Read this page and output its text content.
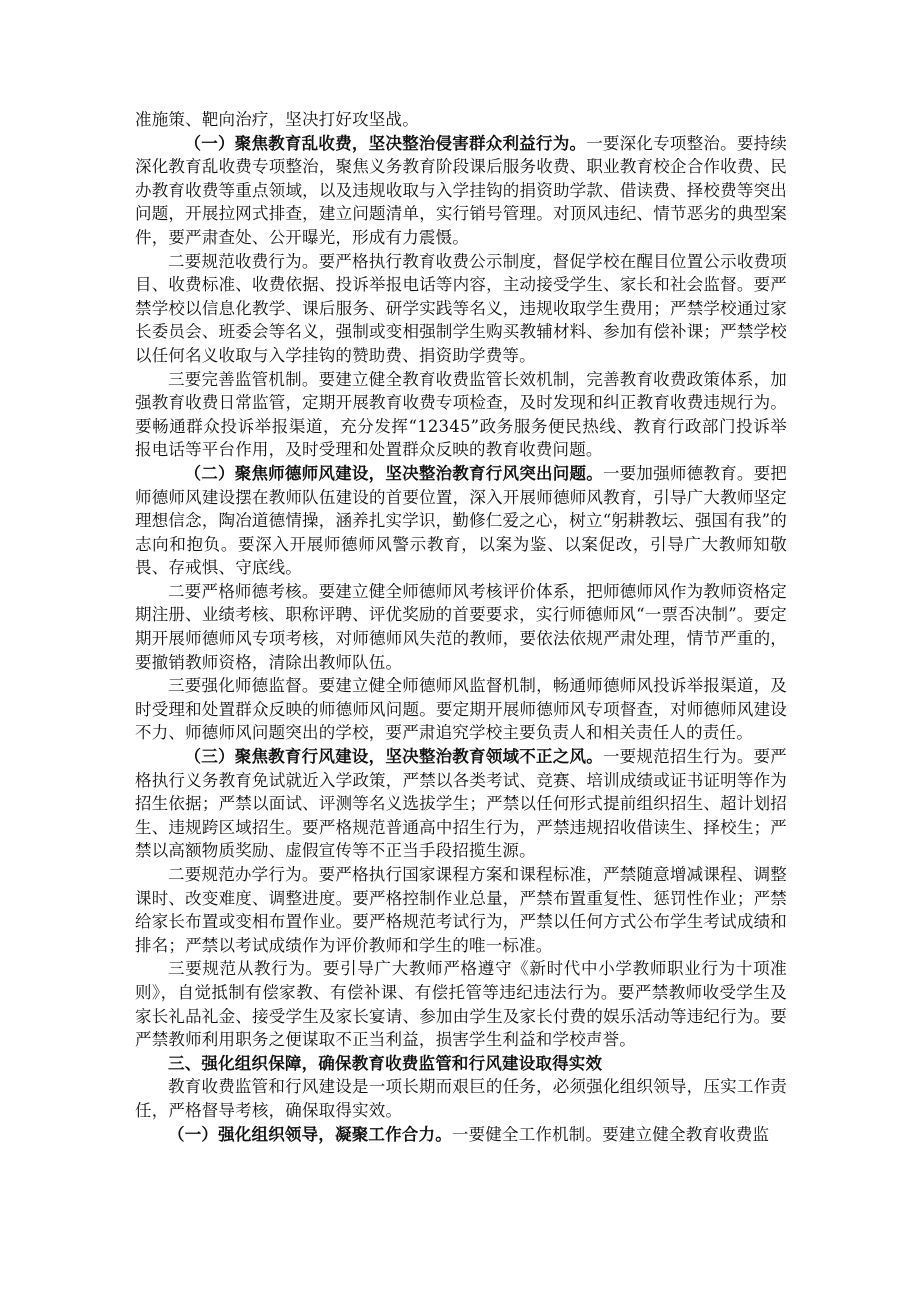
准施策、靶向治疗，坚决打好攻坚战。

（一）聚焦教育乱收费，坚决整治侵害群众利益行为。一要深化专项整治。要持续深化教育乱收费专项整治，聚焦义务教育阶段课后服务收费、职业教育校企合作收费、民办教育收费等重点领域，以及违规收取与入学挂钩的捐资助学款、借读费、择校费等突出问题，开展拉网式排查，建立问题清单，实行销号管理。对顶风违纪、情节恶劣的典型案件，要严肃查处、公开曝光，形成有力震慑。

二要规范收费行为。要严格执行教育收费公示制度，督促学校在醒目位置公示收费项目、收费标准、收费依据、投诉举报电话等内容，主动接受学生、家长和社会监督。要严禁学校以信息化教学、课后服务、研学实践等名义，违规收取学生费用；严禁学校通过家长委员会、班委会等名义，强制或变相强制学生购买教辅材料、参加有偿补课；严禁学校以任何名义收取与入学挂钩的赞助费、捐资助学费等。

三要完善监管机制。要建立健全教育收费监管长效机制，完善教育收费政策体系，加强教育收费日常监管，定期开展教育收费专项检查，及时发现和纠正教育收费违规行为。要畅通群众投诉举报渠道，充分发挥“12345”政务服务便民热线、教育行政部门投诉举报电话等平台作用，及时受理和处置群众反映的教育收费问题。

（二）聚焦师德师风建设，坚决整治教育行风突出问题。一要加强师德教育。要把师德师风建设摆在教师队伍建设的首要位置，深入开展师德师风教育，引导广大教师坚定理想信念，陶冶道德情操，涵养扎实学识，勤修仁爱之心，树立“躬耕教坛、强国有我”的志向和抱负。要深入开展师德师风警示教育，以案为鉴、以案促改，引导广大教师知敬畏、存戒惧、守底线。

二要严格师德考核。要建立健全师德师风考核评价体系，把师德师风作为教师资格定期注册、业绩考核、职称评聘、评优奖励的首要要求，实行师德师风“一票否决制”。要定期开展师德师风专项考核，对师德师风失范的教师，要依法依规严肃处理，情节严重的，要撤销教师资格，清除出教师队伍。

三要强化师德监督。要建立健全师德师风监督机制，畅通师德师风投诉举报渠道，及时受理和处置群众反映的师德师风问题。要定期开展师德师风专项督查，对师德师风建设不力、师德师风问题突出的学校，要严肃追究学校主要负责人和相关责任人的责任。

（三）聚焦教育行风建设，坚决整治教育领域不正之风。一要规范招生行为。要严格执行义务教育免试就近入学政策，严禁以各类考试、竞赛、培训成绩或证书证明等作为招生依据；严禁以面试、评测等名义选拔学生；严禁以任何形式提前组织招生、超计划招生、违规跨区域招生。要严格规范普通高中招生行为，严禁违规招收借读生、择校生；严禁以高额物质奖励、虚假宣传等不正当手段招揽生源。

二要规范办学行为。要严格执行国家课程方案和课程标准，严禁随意增减课程、调整课时、改变难度、调整进度。要严格控制作业总量，严禁布置重复性、惩罚性作业；严禁给家长布置或变相布置作业。要严格规范考试行为，严禁以任何方式公布学生考试成绩和排名；严禁以考试成绩作为评价教师和学生的唯一标准。

三要规范从教行为。要引导广大教师严格遵守《新时代中小学教师职业行为十项准则》，自觉抵制有偿家教、有偿补课、有偿托管等违纪违法行为。要严禁教师收受学生及家长礼品礼金、接受学生及家长宴请、参加由学生及家长付费的娱乐活动等违纪行为。要严禁教师利用职务之便谋取不正当利益，损害学生利益和学校声誉。

三、强化组织保障，确保教育收费监管和行风建设取得实效

教育收费监管和行风建设是一项长期而艰巨的任务，必须强化组织领导，压实工作责任，严格督导考核，确保取得实效。

（一）强化组织领导，凝聚工作合力。一要健全工作机制。要建立健全教育收费监
